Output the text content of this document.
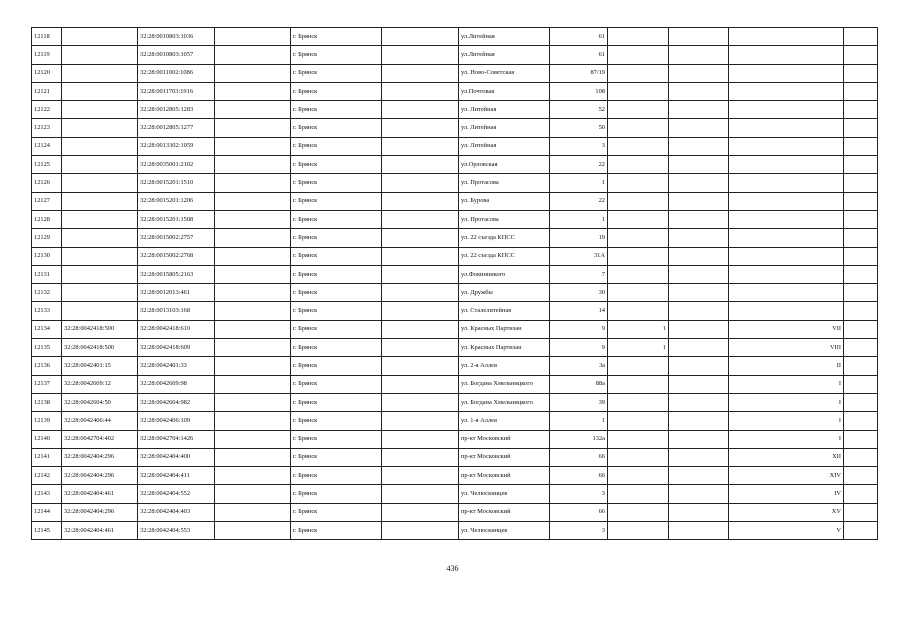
12118		32:28:0010803:1036		г. Брянск		ул.Литейная	61				
12119		32:28:0010803:1057		г. Брянск		ул.Литейная	61				
12120		32:28:0011002:1086		г. Брянск		ул. Ново-Советская	87/19				
12121		32:28:0011703:1916		г. Брянск		ул.Почтовая	108				
12122		32:28:0012805:1283		г. Брянск		ул. Литейная	52				
12123		32:28:0012805:1277		г. Брянск		ул. Литейная	50				
12124		32:28:0013302:1059		г. Брянск		ул. Литейная	3				
12125		32:28:0035001:2102		г. Брянск		ул.Орловская	22				
12126		32:28:0015201:1510		г. Брянск		ул. Протасова	1				
12127		32:28:0015201:1206		г. Брянск		ул. Бурова	22				
12128		32:28:0015201:1508		г. Брянск		ул. Протасова	1				
12129		32:28:0015002:2757		г. Брянск		ул. 22 съезда КПСС	19				
12130		32:28:0015002:2768		г. Брянск		ул. 22 съезда КПСС	31А				
12131		32:28:0015805:2163		г. Брянск		ул.Фокинникого	7				
12132		32:28:0012013:461		г. Брянск		ул. Дружбы	30				
12133		32:28:0013103:168		г. Брянск		ул. Сталелитейная	14				
12134	32:28:0042418:500	32:28:0042418:610		г. Брянск		ул. Красных Партизан	9	1		VII	
12135	32:28:0042418:500	32:28:0042418:609		г. Брянск		ул. Красных Партизан	9	1		VIII	
12136	32:28:0042401:15	32:28:0042401:33		г. Брянск		ул. 2-я Аллея	3а			II	
12137	32:28:0042609:12	32:28:0042609:98		г. Брянск		ул. Богдана Хмельницкого	88а			I	
12138	32:28:0042604:50	32:28:0042604:982		г. Брянск		ул. Богдана Хмельницкого	39			I	
12139	32:28:0042406:44	32:28:0042406:109		г. Брянск		ул. 1-я Аллея	1			I	
12140	32:28:0042704:402	32:28:0042704:1426		г. Брянск		пр-кт Московский	132а			I	
12141	32:28:0042404:296	32:28:0042404:400		г. Брянск		пр-кт Московский	66			XII	
12142	32:28:0042404:296	32:28:0042404:411		г. Брянск		пр-кт Московский	66			XIV	
12143	32:28:0042404:461	32:28:0042404:552		г. Брянск		ул. Челюскинцев	3			IV	
12144	32:28:0042404:296	32:28:0042404:403		г. Брянск		пр-кт Московский	66			XV	
12145	32:28:0042404:461	32:28:0042404:553		г. Брянск		ул. Челюскинцев	3			V	
436
